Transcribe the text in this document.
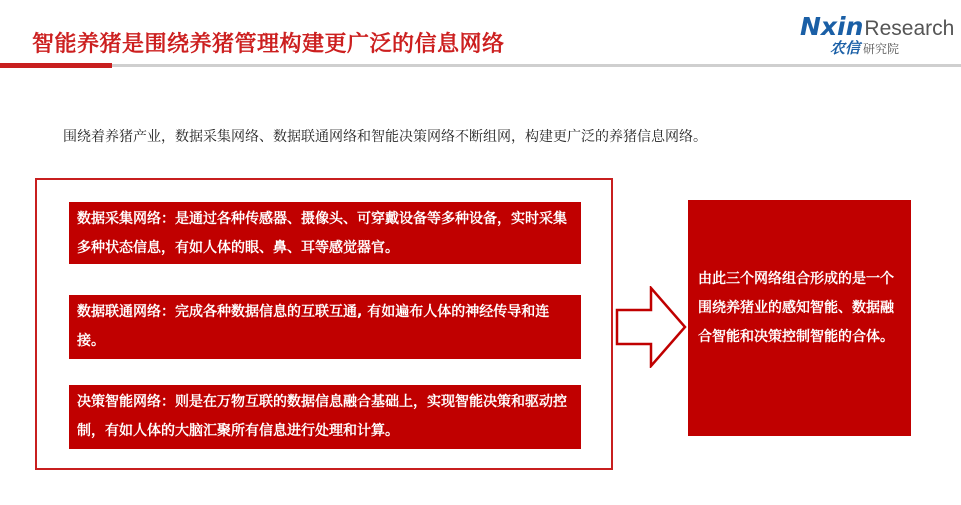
智能养猪是围绕养猪管理构建更广泛的信息网络
NxinResearch
农信 研究院
围绕着养猪产业，数据采集网络、数据联通网络和智能决策网络不断组网，构建更广泛的养猪信息网络。
数据采集网络：是通过各种传感器、摄像头、可穿戴设备等多种设备，实时采集多种状态信息，有如人体的眼、鼻、耳等感觉器官。
数据联通网络：完成各种数据信息的互联互通, 有如遍布人体的神经传导和连接。
决策智能网络：则是在万物互联的数据信息融合基础上，实现智能决策和驱动控制，有如人体的大脑汇聚所有信息进行处理和计算。
由此三个网络组合形成的是一个围绕养猪业的感知智能、数据融合智能和决策控制智能的合体。
